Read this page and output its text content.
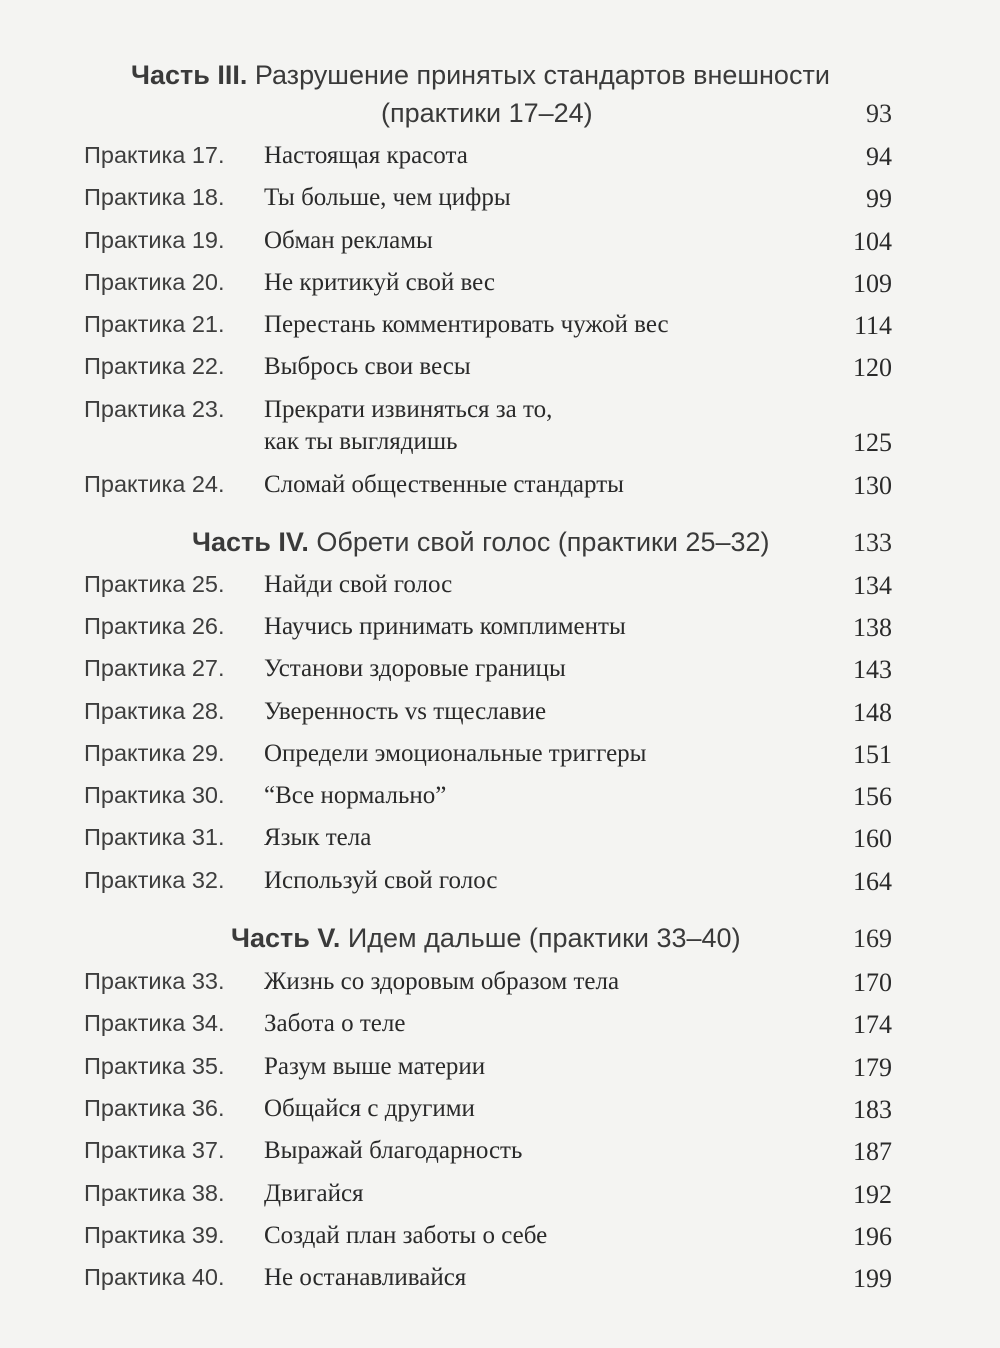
Часть III. Разрушение принятых стандартов внешности
(практики 17–24)	93
Практика 17. Настоящая красота	94
Практика 18. Ты больше, чем цифры	99
Практика 19. Обман рекламы	104
Практика 20. Не критикуй свой вес	109
Практика 21. Перестань комментировать чужой вес	114
Практика 22. Выбрось свои весы	120
Практика 23. Прекрати извиняться за то,
как ты выглядишь	125
Практика 24. Сломай общественные стандарты	130
Часть IV. Обрети свой голос (практики 25–32)	133
Практика 25. Найди свой голос	134
Практика 26. Научись принимать комплименты	138
Практика 27. Установи здоровые границы	143
Практика 28. Уверенность vs тщеславие	148
Практика 29. Определи эмоциональные триггеры	151
Практика 30. “Все нормально”	156
Практика 31. Язык тела	160
Практика 32. Используй свой голос	164
Часть V. Идем дальше (практики 33–40)	169
Практика 33. Жизнь со здоровым образом тела	170
Практика 34. Забота о теле	174
Практика 35. Разум выше материи	179
Практика 36. Общайся с другими	183
Практика 37. Выражай благодарность	187
Практика 38. Двигайся	192
Практика 39. Создай план заботы о себе	196
Практика 40. Не останавливайся	199
